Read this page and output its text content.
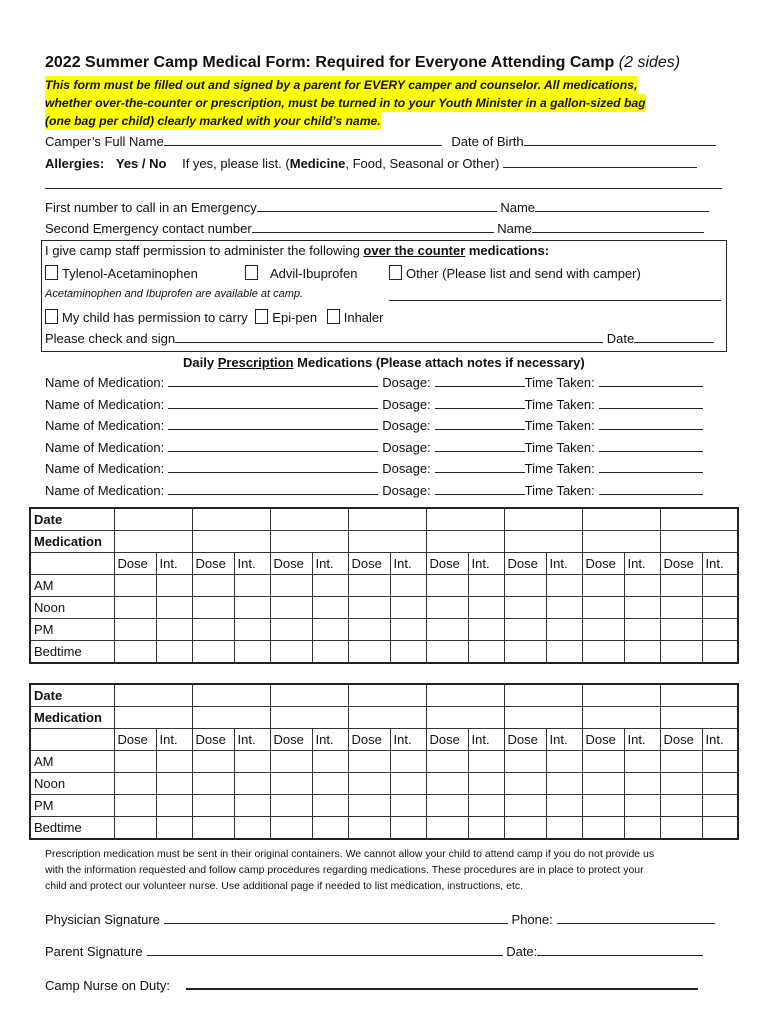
2022 Summer Camp Medical Form: Required for Everyone Attending Camp (2 sides)
This form must be filled out and signed by a parent for EVERY camper and counselor. All medications,
whether over-the-counter or prescription, must be turned in to your Youth Minister in a gallon-sized bag
(one bag per child) clearly marked with your child’s name.
Camper’s Full Name	Date of Birth
Allergies: Yes / No If yes, please list. (Medicine, Food, Seasonal or Other)
First number to call in an Emergency	Name
Second Emergency contact number	Name
I give camp staff permission to administer the following over the counter medications:
Tylenol-Acetaminophen	Advil-Ibuprofen	Other (Please list and send with camper)
Acetaminophen and Ibuprofen are available at camp.
My child has permission to carry Epi-pen Inhaler
Please check and sign	Date
Daily Prescription Medications (Please attach notes if necessary)
Name of Medication:	Dosage:	Time Taken:
Name of Medication:	Dosage:	Time Taken:
Name of Medication:	Dosage:	Time Taken:
Name of Medication:	Dosage:	Time Taken:
Name of Medication:	Dosage:	Time Taken:
Name of Medication:	Dosage:	Time Taken:
Date																
Medication																
	Dose	Int.	Dose	Int.	Dose	Int.	Dose	Int.	Dose	Int.	Dose	Int.	Dose	Int.	Dose	Int.
AM																
Noon																
PM																
Bedtime																
Date																
Medication																
	Dose	Int.	Dose	Int.	Dose	Int.	Dose	Int.	Dose	Int.	Dose	Int.	Dose	Int.	Dose	Int.
AM																
Noon																
PM																
Bedtime																
Prescription medication must be sent in their original containers. We cannot allow your child to attend camp if you do not provide us
with the information requested and follow camp procedures regarding medications. These procedures are in place to protect your
child and protect our volunteer nurse. Use additional page if needed to list medication, instructions, etc.
Physician Signature	Phone:
Parent Signature	Date:
Camp Nurse on Duty:
